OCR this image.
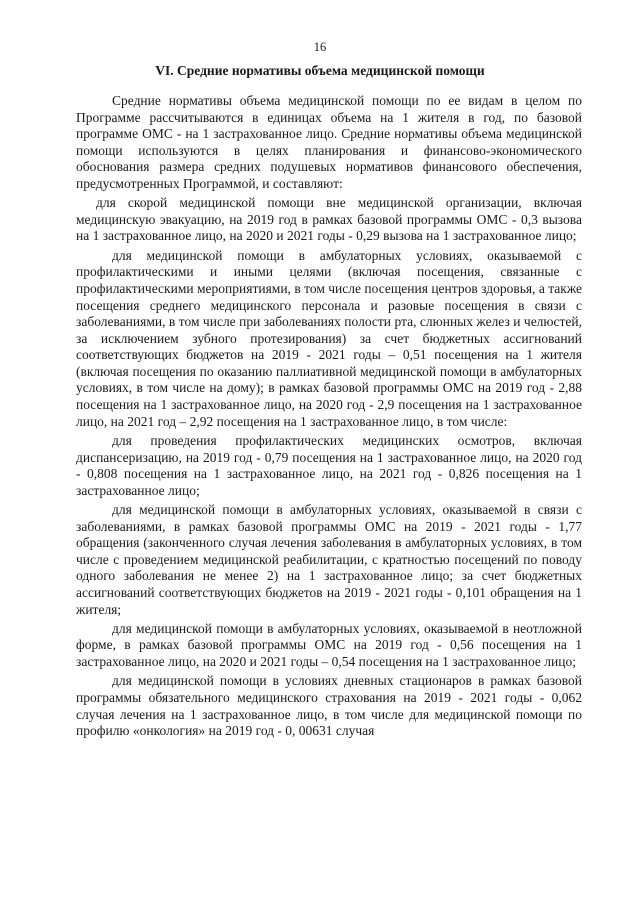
16
VI. Средние нормативы объема медицинской помощи

Средние нормативы объема медицинской помощи по ее видам в целом по Программе рассчитываются в единицах объема на 1 жителя в год, по базовой программе ОМС - на 1 застрахованное лицо. Средние нормативы объема медицинской помощи используются в целях планирования и финансово-экономического обоснования размера средних подушевых нормативов финансового обеспечения, предусмотренных Программой, и составляют:

для скорой медицинской помощи вне медицинской организации, включая медицинскую эвакуацию, на 2019 год в рамках базовой программы ОМС - 0,3 вызова на 1 застрахованное лицо, на 2020 и 2021 годы - 0,29 вызова на 1 застрахованное лицо;

для медицинской помощи в амбулаторных условиях, оказываемой с профилактическими и иными целями (включая посещения, связанные с профилактическими мероприятиями, в том числе посещения центров здоровья, а также посещения среднего медицинского персонала и разовые посещения в связи с заболеваниями, в том числе при заболеваниях полости рта, слюнных желез и челюстей, за исключением зубного протезирования) за счет бюджетных ассигнований соответствующих бюджетов на 2019 - 2021 годы – 0,51 посещения на 1 жителя (включая посещения по оказанию паллиативной медицинской помощи в амбулаторных условиях, в том числе на дому); в рамках базовой программы ОМС на 2019 год - 2,88 посещения на 1 застрахованное лицо, на 2020 год - 2,9 посещения на 1 застрахованное лицо, на 2021 год – 2,92 посещения на 1 застрахованное лицо, в том числе:

для проведения профилактических медицинских осмотров, включая диспансеризацию, на 2019 год - 0,79 посещения на 1 застрахованное лицо, на 2020 год - 0,808 посещения на 1 застрахованное лицо, на 2021 год - 0,826 посещения на 1 застрахованное лицо;

для медицинской помощи в амбулаторных условиях, оказываемой в связи с заболеваниями, в рамках базовой программы ОМС на 2019 - 2021 годы - 1,77 обращения (законченного случая лечения заболевания в амбулаторных условиях, в том числе с проведением медицинской реабилитации, с кратностью посещений по поводу одного заболевания не менее 2) на 1 застрахованное лицо; за счет бюджетных ассигнований соответствующих бюджетов на 2019 - 2021 годы - 0,101 обращения на 1 жителя;

для медицинской помощи в амбулаторных условиях, оказываемой в неотложной форме, в рамках базовой программы ОМС на 2019 год - 0,56 посещения на 1 застрахованное лицо, на 2020 и 2021 годы – 0,54 посещения на 1 застрахованное лицо;

для медицинской помощи в условиях дневных стационаров в рамках базовой программы обязательного медицинского страхования на 2019 - 2021 годы - 0,062 случая лечения на 1 застрахованное лицо, в том числе для медицинской помощи по профилю «онкология» на 2019 год - 0, 00631 случая
